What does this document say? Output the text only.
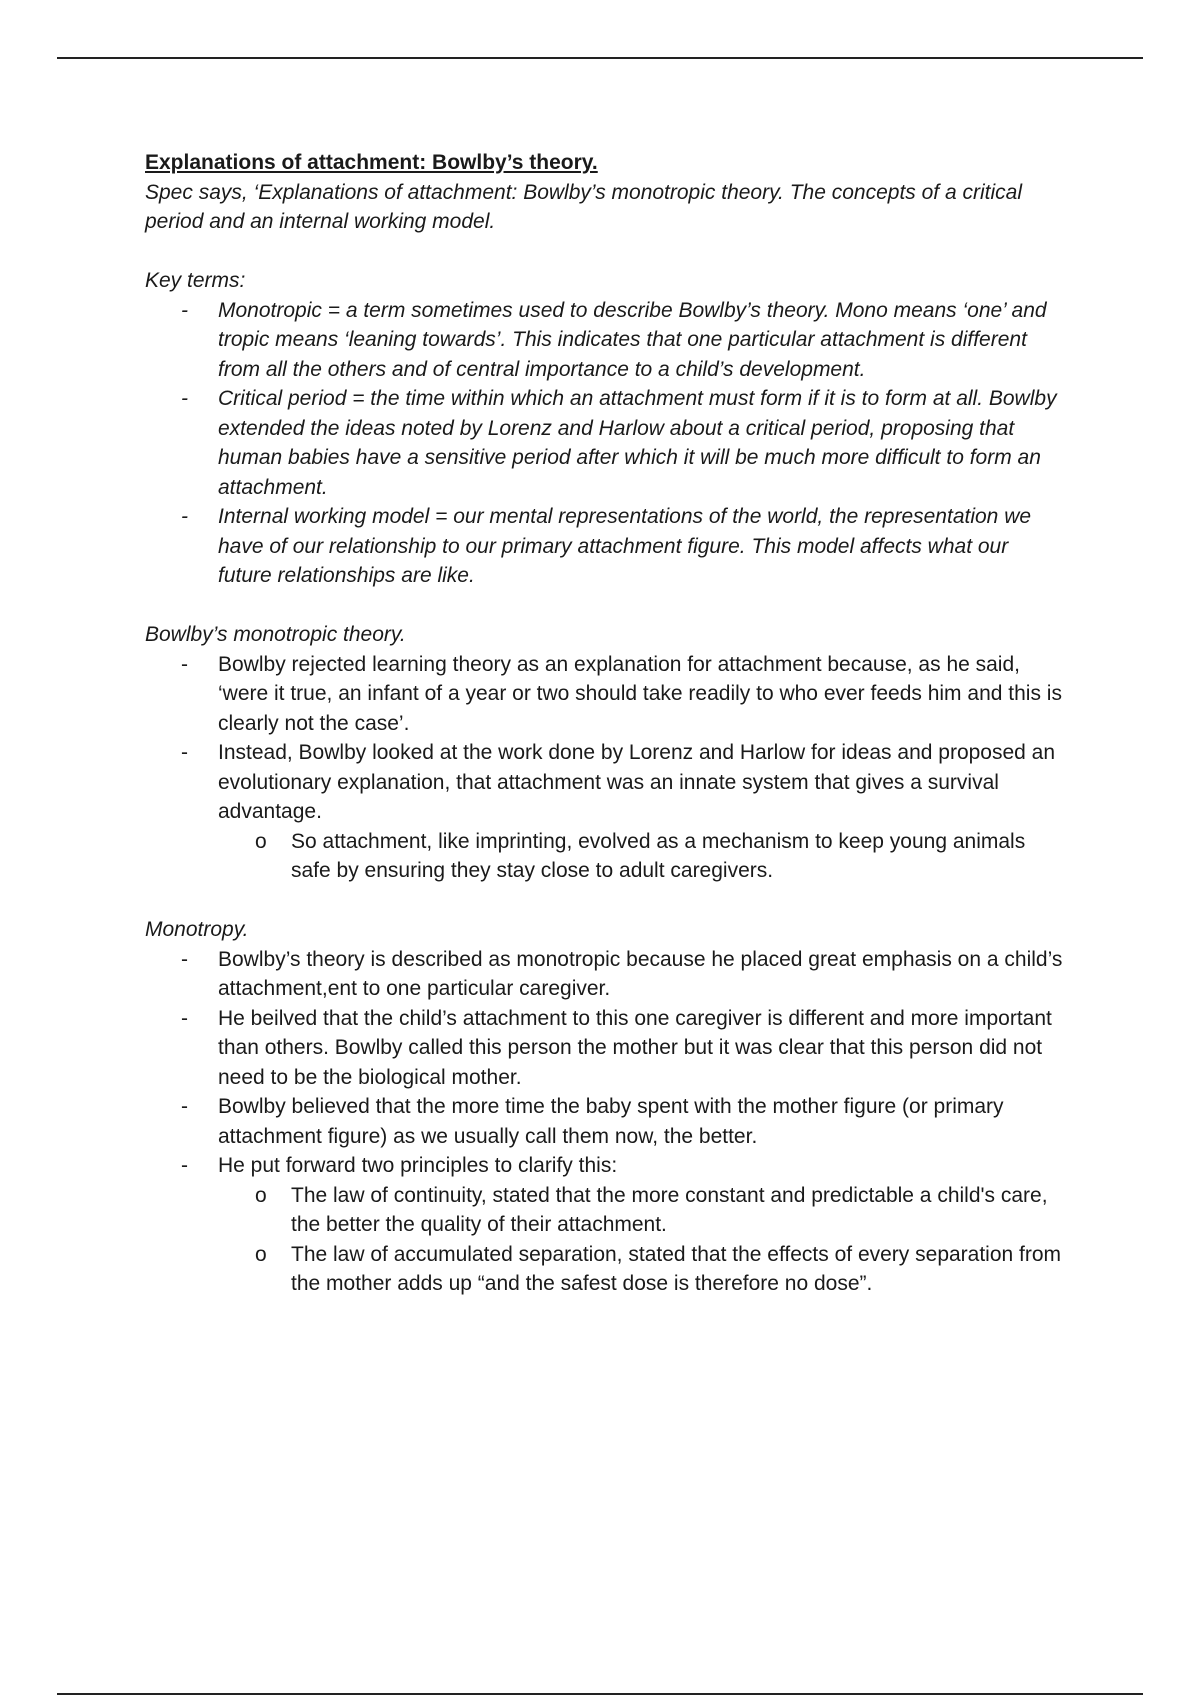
Explanations of attachment: Bowlby’s theory.

Spec says, ‘Explanations of attachment: Bowlby’s monotropic theory. The concepts of a critical period and an internal working model.

Key terms:

- Monotropic = a term sometimes used to describe Bowlby’s theory. Mono means ‘one’ and tropic means ‘leaning towards’. This indicates that one particular attachment is different from all the others and of central importance to a child’s development.
- Critical period = the time within which an attachment must form if it is to form at all. Bowlby extended the ideas noted by Lorenz and Harlow about a critical period, proposing that human babies have a sensitive period after which it will be much more difficult to form an attachment.
- Internal working model = our mental representations of the world, the representation we have of our relationship to our primary attachment figure. This model affects what our future relationships are like.

Bowlby’s monotropic theory.

- Bowlby rejected learning theory as an explanation for attachment because, as he said, ‘were it true, an infant of a year or two should take readily to who ever feeds him and this is clearly not the case’.
- Instead, Bowlby looked at the work done by Lorenz and Harlow for ideas and proposed an evolutionary explanation, that attachment was an innate system that gives a survival advantage.
o So attachment, like imprinting, evolved as a mechanism to keep young animals safe by ensuring they stay close to adult caregivers.

Monotropy.

- Bowlby’s theory is described as monotropic because he placed great emphasis on a child’s attachment,ent to one particular caregiver.
- He beilved that the child’s attachment to this one caregiver is different and more important than others. Bowlby called this person the mother but it was clear that this person did not need to be the biological mother.
- Bowlby believed that the more time the baby spent with the mother figure (or primary attachment figure) as we usually call them now, the better.
- He put forward two principles to clarify this:
o The law of continuity, stated that the more constant and predictable a child's care, the better the quality of their attachment.
o The law of accumulated separation, stated that the effects of every separation from the mother adds up “and the safest dose is therefore no dose”.
